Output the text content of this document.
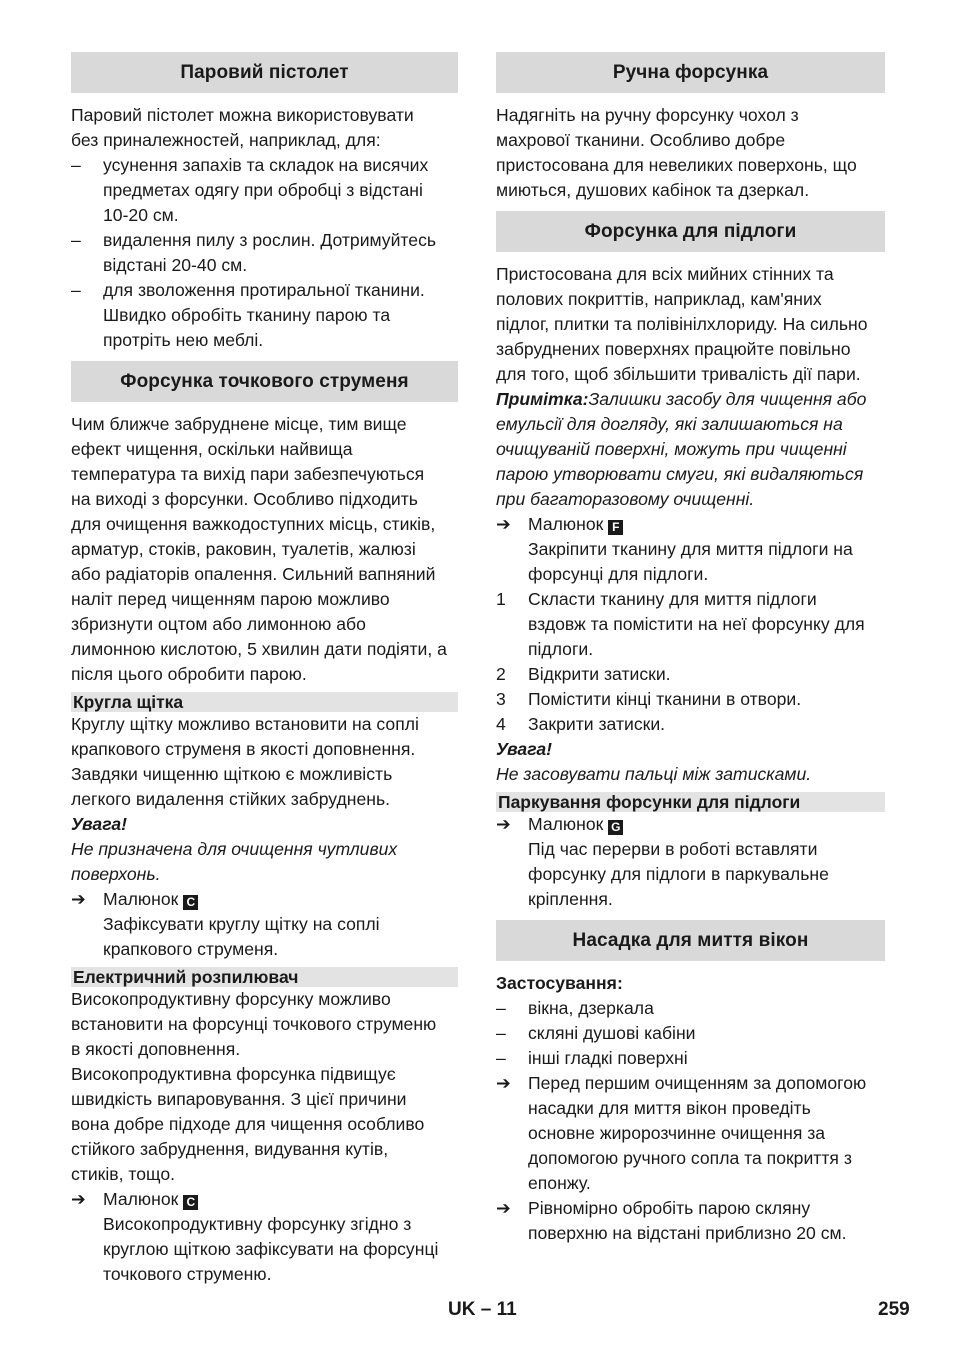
Паровий пістолет
Паровий пістолет можна використовувати
без приналежностей, наприклад, для:
–	усунення запахів та складок на висячих
предметах одягу при обробці з відстані
10-20 см.
–	видалення пилу з рослин. Дотримуйтесь
відстані 20-40 см.
–	для зволоження протиральної тканини.
Швидко обробіть тканину парою та
протріть нею меблі.
Форсунка точкового струменя
Чим ближче забруднене місце, тим вище
ефект чищення, оскільки найвища
температура та вихід пари забезпечуються
на виході з форсунки. Особливо підходить
для очищення важкодоступних місць, стиків,
арматур, стоків, раковин, туалетів, жалюзі
або радіаторів опалення. Сильний вапняний
наліт перед чищенням парою можливо
збризнути оцтом або лимонною або
лимонною кислотою, 5 хвилин дати подіяти, а
після цього обробити парою.
Кругла щітка
Круглу щітку можливо встановити на соплі
крапкового струменя в якості доповнення.
Завдяки чищенню щіткою є можливість
легкого видалення стійких забруднень.
Увага!
Не призначена для очищення чутливих
поверхонь.
➔ Малюнок C
Зафіксувати круглу щітку на соплі
крапкового струменя.
Електричний розпилювач
Високопродуктивну форсунку можливо
встановити на форсунці точкового струменю
в якості доповнення.
Високопродуктивна форсунка підвищує
швидкість випаровування. З цієї причини
вона добре підходе для чищення особливо
стійкого забруднення, видування кутів,
стиків, тощо.
➔ Малюнок C
Високопродуктивну форсунку згідно з
круглою щіткою зафіксувати на форсунці
точкового струменю.
Ручна форсунка
Надягніть на ручну форсунку чохол з
махрової тканини. Особливо добре
пристосована для невеликих поверхонь, що
миються, душових кабінок та дзеркал.
Форсунка для підлоги
Пристосована для всіх мийних стінних та
полових покриттів, наприклад, кам'яних
підлог, плитки та полівінілхлориду. На сильно
забруднених поверхнях працюйте повільно
для того, щоб збільшити тривалість дії пари.
Примітка:Залишки засобу для чищення або
емульсії для догляду, які залишаються на
очищуваній поверхні, можуть при чищенні
парою утворювати смуги, які видаляються
при багаторазовому очищенні.
➔ Малюнок F
Закріпити тканину для миття підлоги на
форсунці для підлоги.
1	Скласти тканину для миття підлоги
вздовж та помістити на неї форсунку для
підлоги.
2	Відкрити затиски.
3	Помістити кінці тканини в отвори.
4	Закрити затиски.
Увага!
Не засовувати пальці між затисками.
Паркування форсунки для підлоги
➔ Малюнок G
Під час перерви в роботі вставляти
форсунку для підлоги в паркувальне
кріплення.
Насадка для миття вікон
Застосування:
–	вікна, дзеркала
–	скляні душові кабіни
–	інші гладкі поверхні
➔ Перед першим очищенням за допомогою
насадки для миття вікон проведіть
основне жиророзчинне очищення за
допомогою ручного сопла та покриття з
епонжу.
➔ Рівномірно обробіть парою скляну
поверхню на відстані приблизно 20 см.
UK – 11	259
